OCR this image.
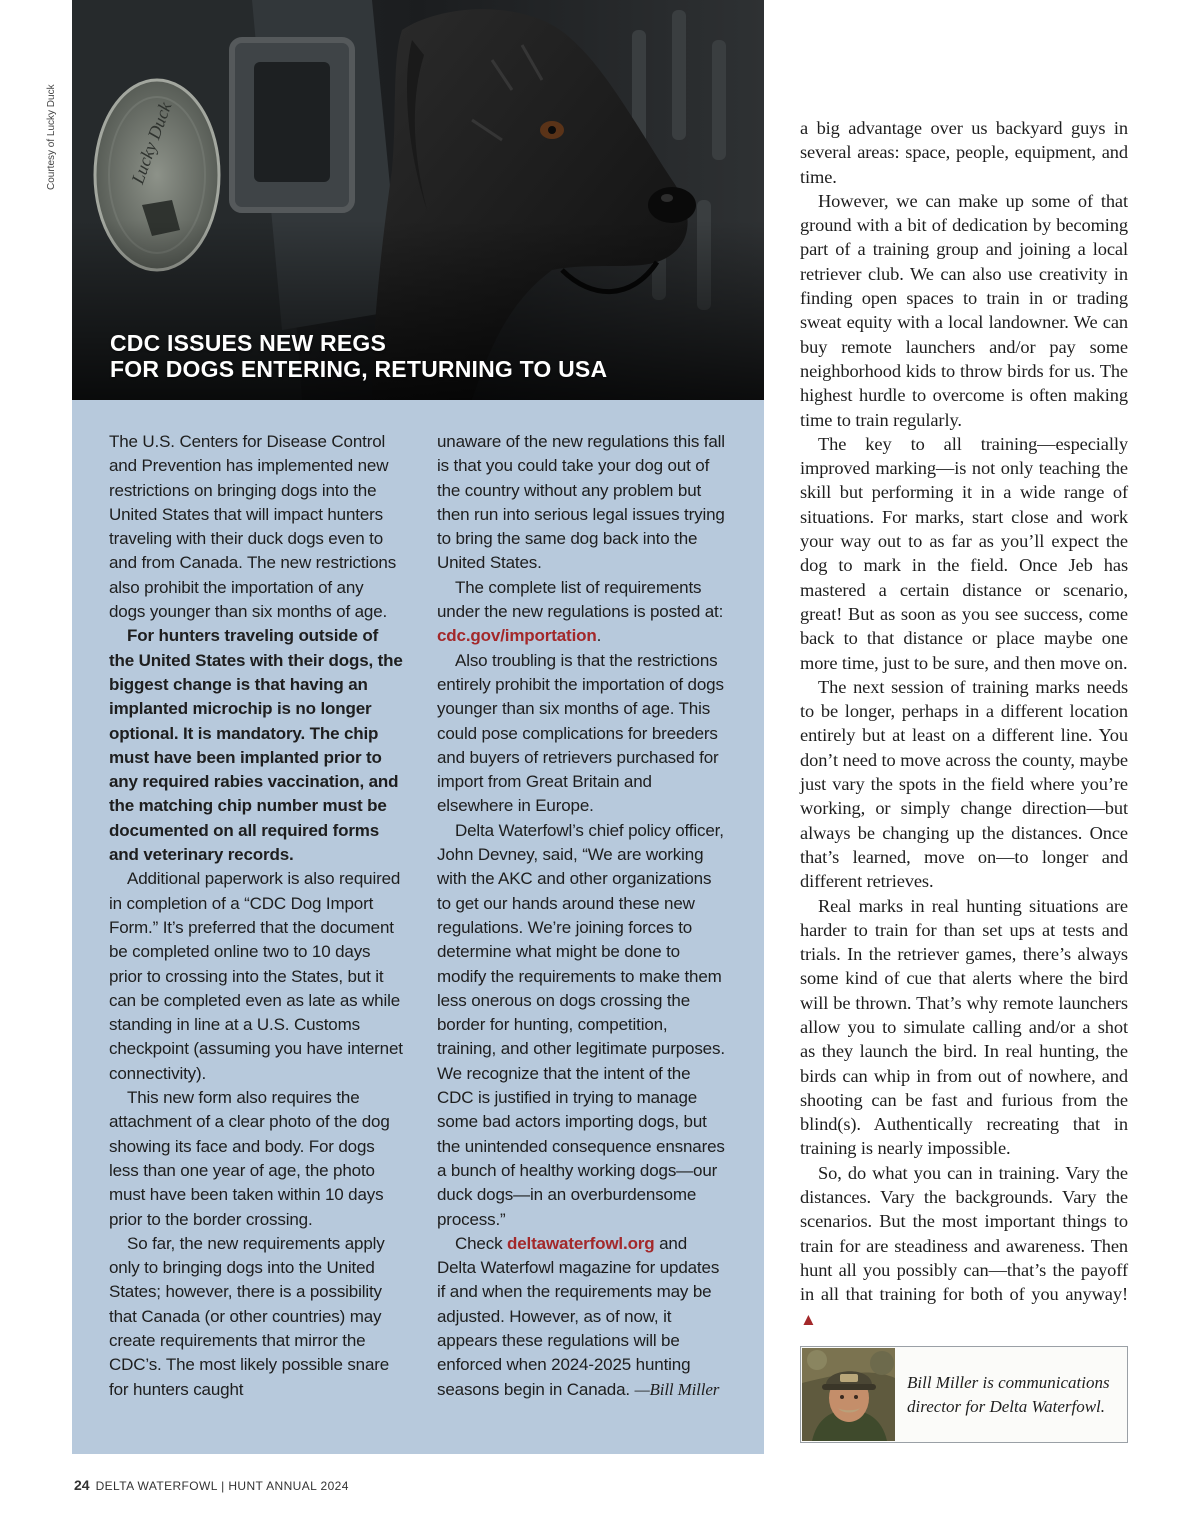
Courtesy of Lucky Duck
CDC ISSUES NEW REGS
FOR DOGS ENTERING, RETURNING TO USA

The U.S. Centers for Disease Control and Prevention has implemented new restrictions on bringing dogs into the United States that will impact hunters traveling with their duck dogs even to and from Canada. The new restrictions also prohibit the importation of any dogs younger than six months of age.

For hunters traveling outside of the United States with their dogs, the biggest change is that having an implanted microchip is no longer optional. It is mandatory. The chip must have been implanted prior to any required rabies vaccination, and the matching chip number must be documented on all required forms and veterinary records.

Additional paperwork is also required in completion of a “CDC Dog Import Form.” It’s preferred that the document be completed online two to 10 days prior to crossing into the States, but it can be completed even as late as while standing in line at a U.S. Customs checkpoint (assuming you have internet connectivity).

This new form also requires the attachment of a clear photo of the dog showing its face and body. For dogs less than one year of age, the photo must have been taken within 10 days prior to the border crossing.

So far, the new requirements apply only to bringing dogs into the United States; however, there is a possibility that Canada (or other countries) may create requirements that mirror the CDC’s. The most likely possible snare for hunters caught

unaware of the new regulations this fall is that you could take your dog out of the country without any problem but then run into serious legal issues trying to bring the same dog back into the United States.

The complete list of requirements under the new regulations is posted at: cdc.gov/importation.

Also troubling is that the restrictions entirely prohibit the importation of dogs younger than six months of age. This could pose complications for breeders and buyers of retrievers purchased for import from Great Britain and elsewhere in Europe.

Delta Waterfowl’s chief policy officer, John Devney, said, “We are working with the AKC and other organizations to get our hands around these new regulations. We’re joining forces to determine what might be done to modify the requirements to make them less onerous on dogs crossing the border for hunting, competition, training, and other legitimate purposes. We recognize that the intent of the CDC is justified in trying to manage some bad actors importing dogs, but the unintended consequence ensnares a bunch of healthy working dogs—our duck dogs—in an overburdensome process.”

Check deltawaterfowl.org and Delta Waterfowl magazine for updates if and when the requirements may be adjusted. However, as of now, it appears these regulations will be enforced when 2024-2025 hunting seasons begin in Canada. —Bill Miller

a big advantage over us backyard guys in several areas: space, people, equipment, and time.

However, we can make up some of that ground with a bit of dedication by becoming part of a training group and joining a local retriever club. We can also use creativity in finding open spaces to train in or trading sweat equity with a local landowner. We can buy remote launchers and/or pay some neighborhood kids to throw birds for us. The highest hurdle to overcome is often making time to train regularly.

The key to all training—especially improved marking—is not only teaching the skill but performing it in a wide range of situations. For marks, start close and work your way out to as far as you’ll expect the dog to mark in the field. Once Jeb has mastered a certain distance or scenario, great! But as soon as you see success, come back to that distance or place maybe one more time, just to be sure, and then move on.

The next session of training marks needs to be longer, perhaps in a different location entirely but at least on a different line. You don’t need to move across the county, maybe just vary the spots in the field where you’re working, or simply change direction—but always be changing up the distances. Once that’s learned, move on—to longer and different retrieves.

Real marks in real hunting situations are harder to train for than set ups at tests and trials. In the retriever games, there’s always some kind of cue that alerts where the bird will be thrown. That’s why remote launchers allow you to simulate calling and/or a shot as they launch the bird. In real hunting, the birds can whip in from out of nowhere, and shooting can be fast and furious from the blind(s). Authentically recreating that in training is nearly impossible.

So, do what you can in training. Vary the distances. Vary the backgrounds. Vary the scenarios. But the most important things to train for are steadiness and awareness. Then hunt all you possibly can—that’s the payoff in all that training for both of you anyway! ▲

Bill Miller is communications director for Delta Waterfowl.
24 DELTA WATERFOWL | HUNT ANNUAL 2024
